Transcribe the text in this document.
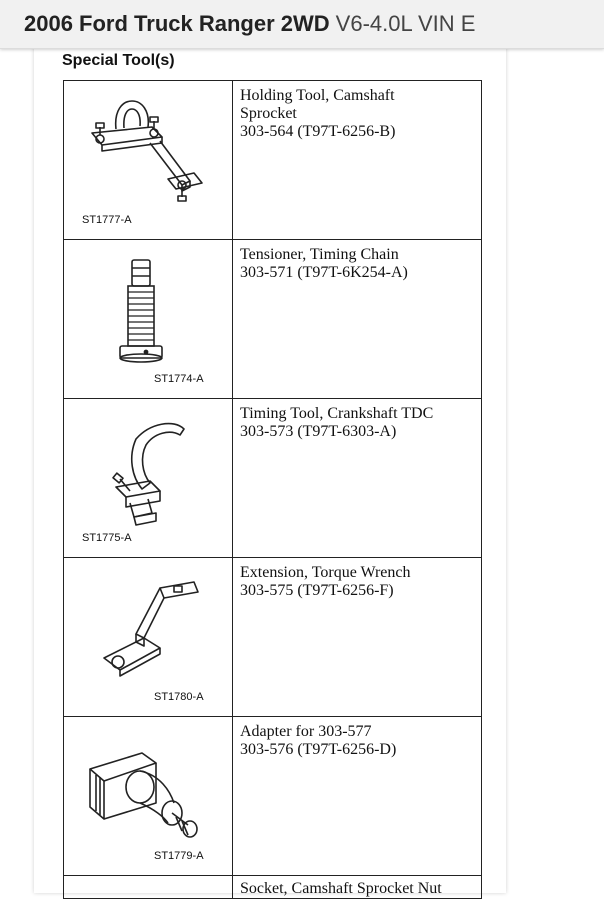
2006 Ford Truck Ranger 2WD V6-4.0L VIN E
Special Tool(s)
ST1777-A	Holding Tool, Camshaft
Sprocket
303-564 (T97T-6256-B)

ST1774-A	Tensioner, Timing Chain
303-571 (T97T-6K254-A)

ST1775-A	Timing Tool, Crankshaft TDC
303-573 (T97T-6303-A)

ST1780-A	Extension, Torque Wrench
303-575 (T97T-6256-F)

ST1779-A	Adapter for 303-577
303-576 (T97T-6256-D)

	Socket, Camshaft Sprocket Nut
